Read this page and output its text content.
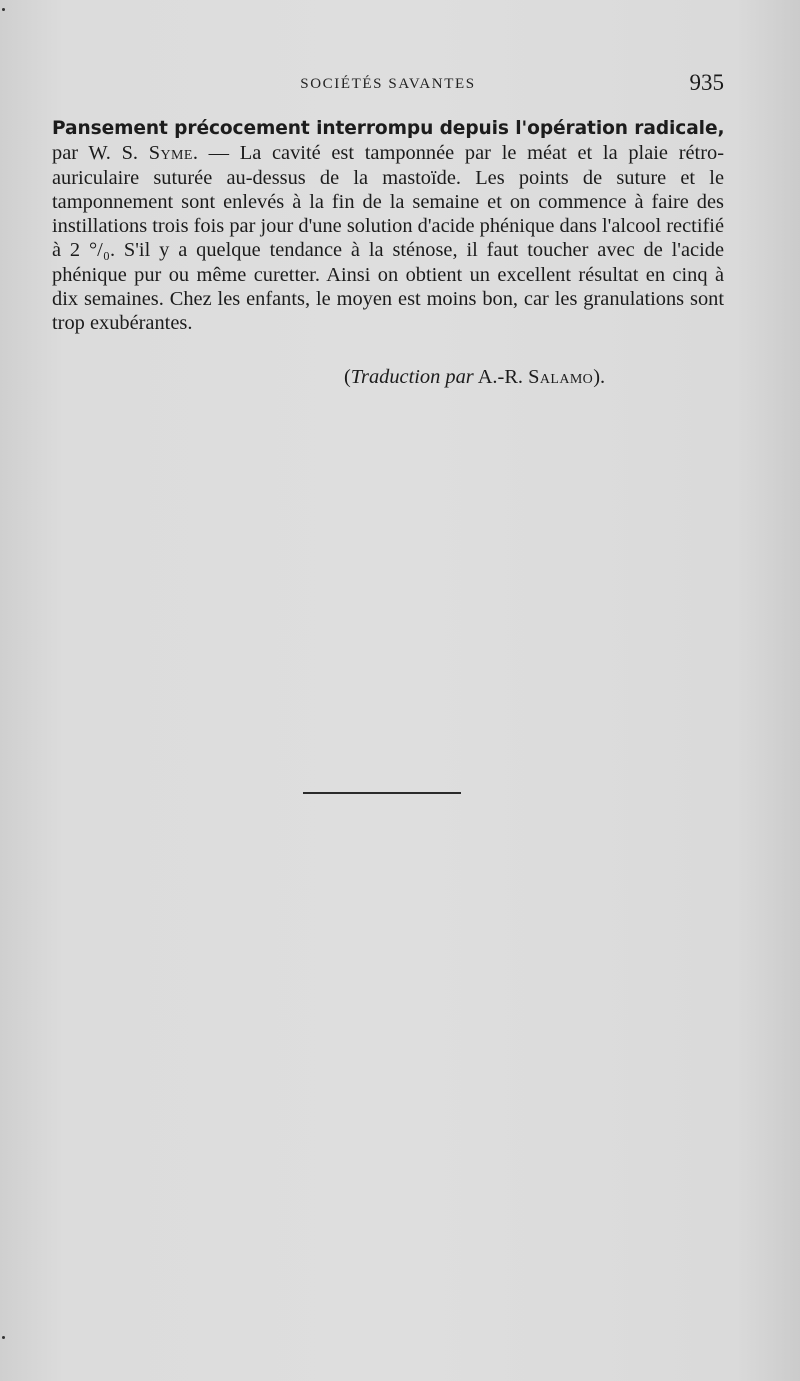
SOCIÉTÉS SAVANTES	935
Pansement précocement interrompu depuis l'opération radicale,
par W. S. Syme. — La cavité est tamponnée par le méat et la plaie rétro-auriculaire suturée au-dessus de la mastoïde. Les points de suture et le tamponnement sont enlevés à la fin de la semaine et on commence à faire des instillations trois fois par jour d'une solution d'acide phénique dans l'alcool rectifié à 2 °/₀. S'il y a quelque tendance à la sténose, il faut toucher avec de l'acide phénique pur ou même curetter. Ainsi on obtient un excellent résultat en cinq à dix semaines. Chez les enfants, le moyen est moins bon, car les granulations sont trop exubérantes.
(Traduction par A.-R. Salamo).
